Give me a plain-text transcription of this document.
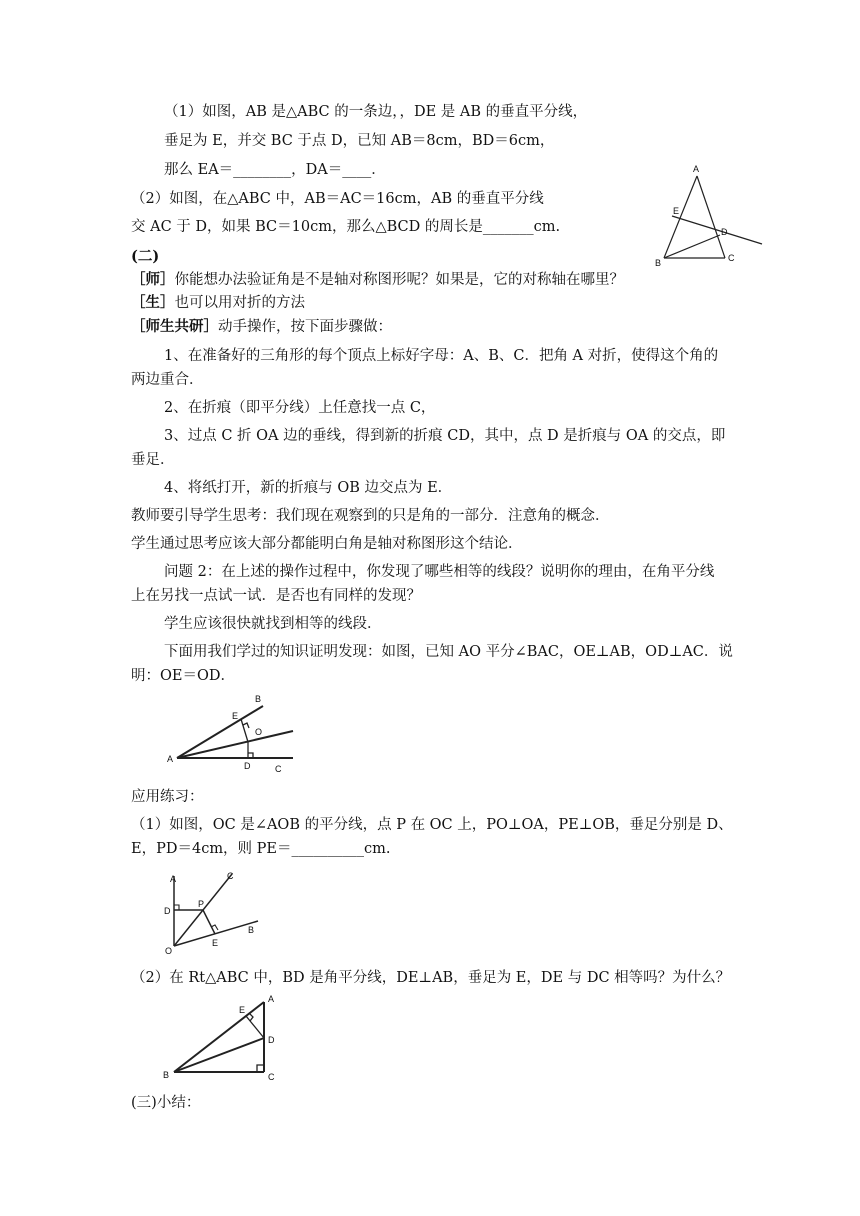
（1）如图，AB 是△ABC 的一条边，，DE 是 AB 的垂直平分线，
垂足为 E，并交 BC 于点 D，已知 AB＝8cm，BD＝6cm，
那么 EA＝________，DA＝____．
（2）如图，在△ABC 中，AB＝AC＝16cm，AB 的垂直平分线
交 AC 于 D，如果 BC＝10cm，那么△BCD 的周长是_______cm.
A
E
D
B	C
(二)
［师］你能想办法验证角是不是轴对称图形呢？如果是，它的对称轴在哪里？
［生］也可以用对折的方法
［师生共研］动手操作，按下面步骤做：
1、在准备好的三角形的每个顶点上标好字母：A、B、C．把角 A 对折，使得这个角的
两边重合．
2、在折痕（即平分线）上任意找一点 C，
3、过点 C 折 OA 边的垂线，得到新的折痕 CD，其中，点 D 是折痕与 OA 的交点，即
垂足．
4、将纸打开，新的折痕与 OB 边交点为 E．
教师要引导学生思考：我们现在观察到的只是角的一部分．注意角的概念．
学生通过思考应该大部分都能明白角是轴对称图形这个结论．
问题 2：在上述的操作过程中，你发现了哪些相等的线段？说明你的理由，在角平分线
上在另找一点试一试．是否也有同样的发现？
学生应该很快就找到相等的线段．
下面用我们学过的知识证明发现：如图，已知 AO 平分∠BAC，OE⊥AB，OD⊥AC．说
明：OE＝OD．
B
E
O
A
D	C
应用练习：
（1）如图，OC 是∠AOB 的平分线，点 P 在 OC 上，PO⊥OA，PE⊥OB，垂足分别是 D、
E，PD＝4cm，则 PE＝__________cm.
A	C
P
D
E
B
O
（2）在 Rt△ABC 中，BD 是角平分线，DE⊥AB，垂足为 E，DE 与 DC 相等吗？为什么？
A
E
D
B	C
(三)小结：
